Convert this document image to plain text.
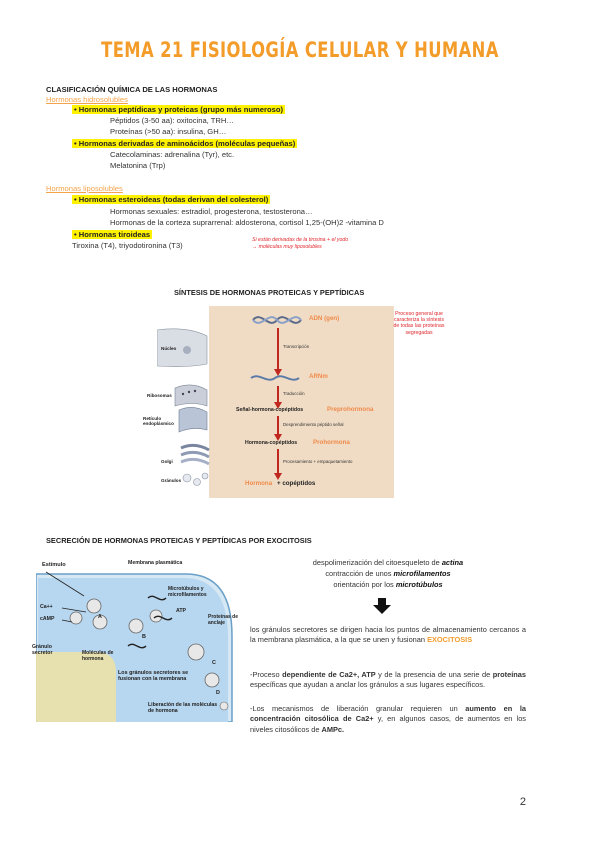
TEMA 21 FISIOLOGÍA CELULAR Y HUMANA
CLASIFICACIÓN QUÍMICA DE LAS HORMONAS
Hormonas hidrosolubles
• Hormonas peptídicas y proteicas (grupo más numeroso)
Péptidos (3-50 aa): oxitocina, TRH…
Proteínas (>50 aa): insulina, GH…
• Hormonas derivadas de aminoácidos (moléculas pequeñas)
Catecolaminas: adrenalina (Tyr), etc.
Melatonina (Trp)
Hormonas liposolubles
• Hormonas esteroideas (todas derivan del colesterol)
Hormonas sexuales: estradiol, progesterona, testosterona…
Hormonas de la corteza suprarrenal: aldosterona, cortisol 1,25-(OH)2 -vitamina D
• Hormonas tiroideas
Tiroxina (T4), triyodotironina (T3)
Si están derivadas de la tirosina + el yodo
→ moléculas muy liposolubles
SÍNTESIS DE HORMONAS PROTEICAS Y PEPTÍDICAS
Núcleo
Ribosomas
Retículo endoplásmico
Golgi
Gránulos
ADN (gen)
Transcripción
ARNm
Traducción
Señal-hormona-copéptidos	Preprohormona
Desprendimiento péptido señal
Hormona-copéptidos	Prohormona
Procesamiento + empaquetamiento
Hormona + copéptidos
Proceso general que caracteriza la síntesis de todas las proteínas segregadas
SECRECIÓN DE HORMONAS PROTEICAS Y PEPTÍDICAS POR EXOCITOSIS
Estímulo	Membrana plasmática
Ca++
cAMP
Gránulo secretor	Moléculas de hormona
Microtúbulos y microfilamentos
ATP
Proteínas de anclaje
Los gránulos secretores se fusionan con la membrana
Liberación de las moléculas de hormona
A
B
C
D
despolimerización del citoesqueleto de actina
contracción de unos microfilamentos
orientación por los microtúbulos
los gránulos secretores se dirigen hacia los puntos de almacenamiento cercanos a la membrana plasmática, a la que se unen y fusionan EXOCITOSIS
-Proceso dependiente de Ca2+, ATP y de la presencia de una serie de proteínas específicas que ayudan a anclar los gránulos a sus lugares específicos.
-Los mecanismos de liberación granular requieren un aumento en la concentración citosólica de Ca2+ y, en algunos casos, de aumentos en los niveles citosólicos de AMPc.
2
